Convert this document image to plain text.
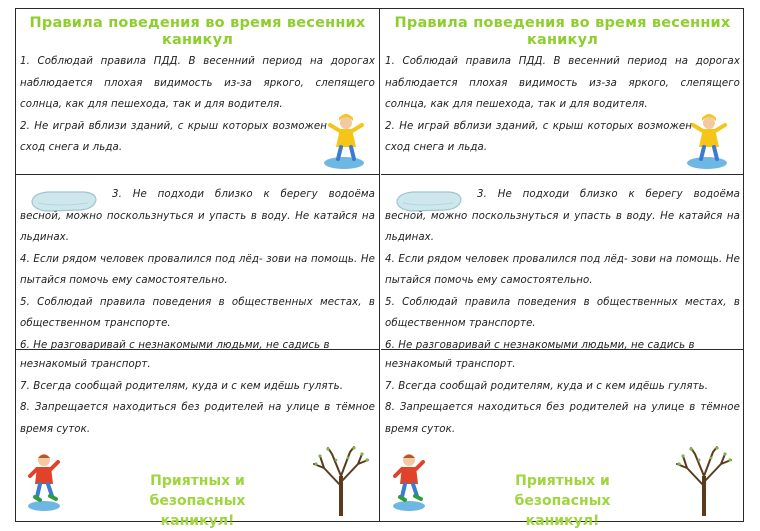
Правила поведения во время весенних каникул
1. Соблюдай правила ПДД. В весенний период на дорогах наблюдается плохая видимость из-за яркого, слепящего солнца, как для пешехода, так и для водителя.
2. Не играй вблизи зданий, с крыш которых возможен сход снега и льда.
3. Не подходи близко к берегу водоёма весной, можно поскользнуться и упасть в воду. Не катайся на льдинах.
4. Если рядом человек провалился под лёд- зови на помощь. Не пытайся помочь ему самостоятельно.
5. Соблюдай правила поведения в общественных местах, в общественном транспорте.
6. Не разговаривай с незнакомыми людьми, не садись в
незнакомый транспорт.
7. Всегда сообщай родителям, куда и с кем идёшь гулять.
8. Запрещается находиться без родителей на улице в тёмное время суток.
Приятных и безопасных каникул!
Правила поведения во время весенних каникул
1. Соблюдай правила ПДД. В весенний период на дорогах наблюдается плохая видимость из-за яркого, слепящего солнца, как для пешехода, так и для водителя.
2. Не играй вблизи зданий, с крыш которых возможен сход снега и льда.
3. Не подходи близко к берегу водоёма весной, можно поскользнуться и упасть в воду. Не катайся на льдинах.
4. Если рядом человек провалился под лёд- зови на помощь. Не пытайся помочь ему самостоятельно.
5. Соблюдай правила поведения в общественных местах, в общественном транспорте.
6. Не разговаривай с незнакомыми людьми, не садись в
незнакомый транспорт.
7. Всегда сообщай родителям, куда и с кем идёшь гулять.
8. Запрещается находиться без родителей на улице в тёмное время суток.
Приятных и безопасных каникул!
